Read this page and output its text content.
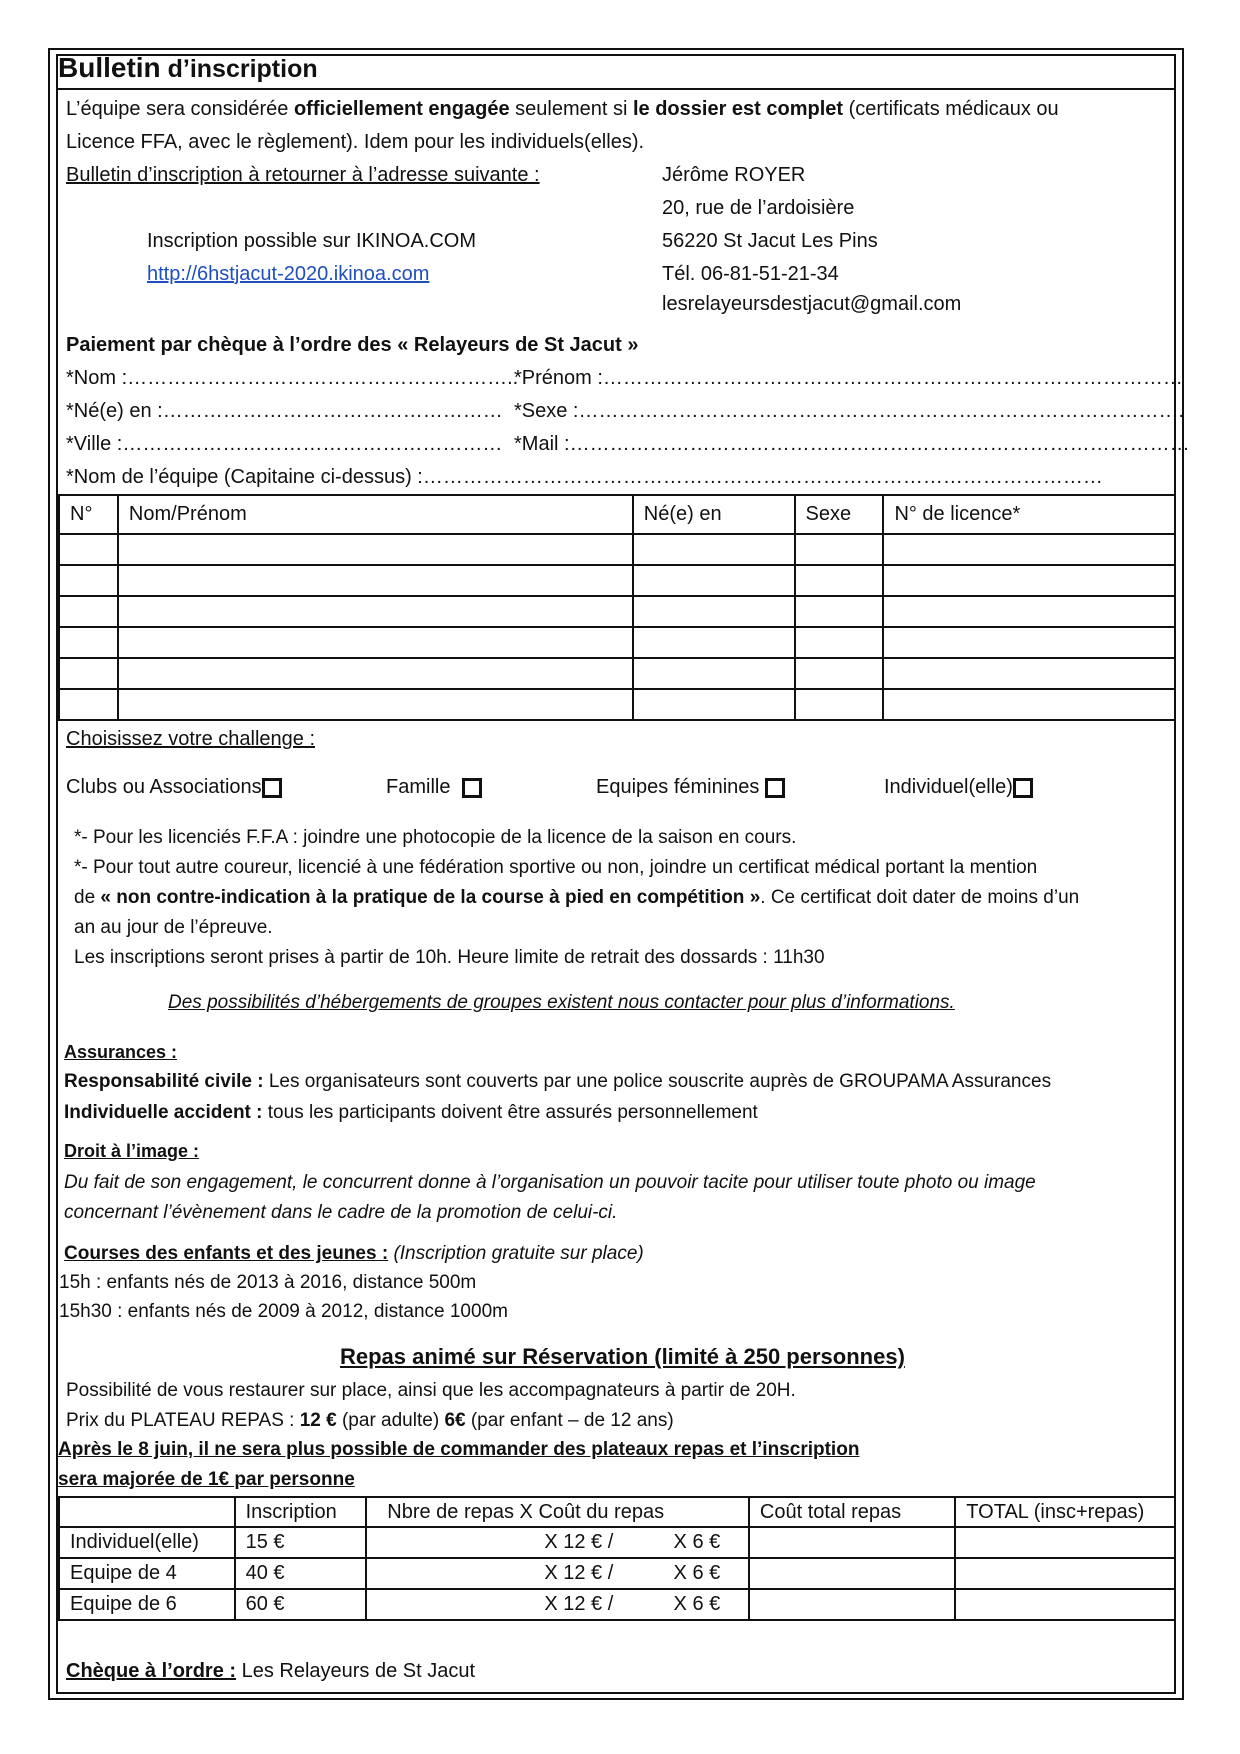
Bulletin d’inscription
L’équipe sera considérée officiellement engagée seulement si le dossier est complet (certificats médicaux ou
Licence FFA, avec le règlement). Idem pour les individuels(elles).
Bulletin d’inscription à retourner à l’adresse suivante :
Inscription possible sur IKINOA.COM
http://6hstjacut-2020.ikinoa.com
Jérôme ROYER
20, rue de l’ardoisière
56220 St Jacut Les Pins
Tél. 06-81-51-21-34
lesrelayeursdestjacut@gmail.com
Paiement par chèque à l’ordre des « Relayeurs de St Jacut »
*Nom :…………………………………………………..
*Prénom :……………………………………………………………………………
*Né(e) en :…………………………………………… *Sexe :……………………………………………………………………………….
*Ville :………………………………………………… *Mail :…………………………………………………………………………………
*Nom de l’équipe (Capitaine ci-dessus) :…………………………………………………………………………………………
N°	Nom/Prénom	Né(e) en	Sexe	N° de licence*

Choisissez votre challenge :
Clubs ou Associations	Famille	Equipes féminines	Individuel(elle)
*- Pour les licenciés F.F.A : joindre une photocopie de la licence de la saison en cours.
*- Pour tout autre coureur, licencié à une fédération sportive ou non, joindre un certificat médical portant la mention
de « non contre-indication à la pratique de la course à pied en compétition ». Ce certificat doit dater de moins d’un
an au jour de l’épreuve.
Les inscriptions seront prises à partir de 10h. Heure limite de retrait des dossards : 11h30
Des possibilités d’hébergements de groupes existent nous contacter pour plus d’informations.
Assurances :
Responsabilité civile : Les organisateurs sont couverts par une police souscrite auprès de GROUPAMA Assurances
Individuelle accident : tous les participants doivent être assurés personnellement
Droit à l’image :
Du fait de son engagement, le concurrent donne à l’organisation un pouvoir tacite pour utiliser toute photo ou image
concernant l’évènement dans le cadre de la promotion de celui-ci.
Courses des enfants et des jeunes : (Inscription gratuite sur place)
15h : enfants nés de 2013 à 2016, distance 500m
15h30 : enfants nés de 2009 à 2012, distance 1000m
Repas animé sur Réservation (limité à 250 personnes)
Possibilité de vous restaurer sur place, ainsi que les accompagnateurs à partir de 20H.
Prix du PLATEAU REPAS : 12 € (par adulte) 6€ (par enfant – de 12 ans)
Après le 8 juin, il ne sera plus possible de commander des plateaux repas et l’inscription
sera majorée de 1€ par personne
	Inscription	Nbre de repas X Coût du repas	Coût total repas	TOTAL (insc+repas)
Individuel(elle)	15 €	X 12 € / X 6 €		
Equipe de 4	40 €	X 12 € / X 6 €		
Equipe de 6	60 €	X 12 € / X 6 €		
Chèque à l’ordre : Les Relayeurs de St Jacut
